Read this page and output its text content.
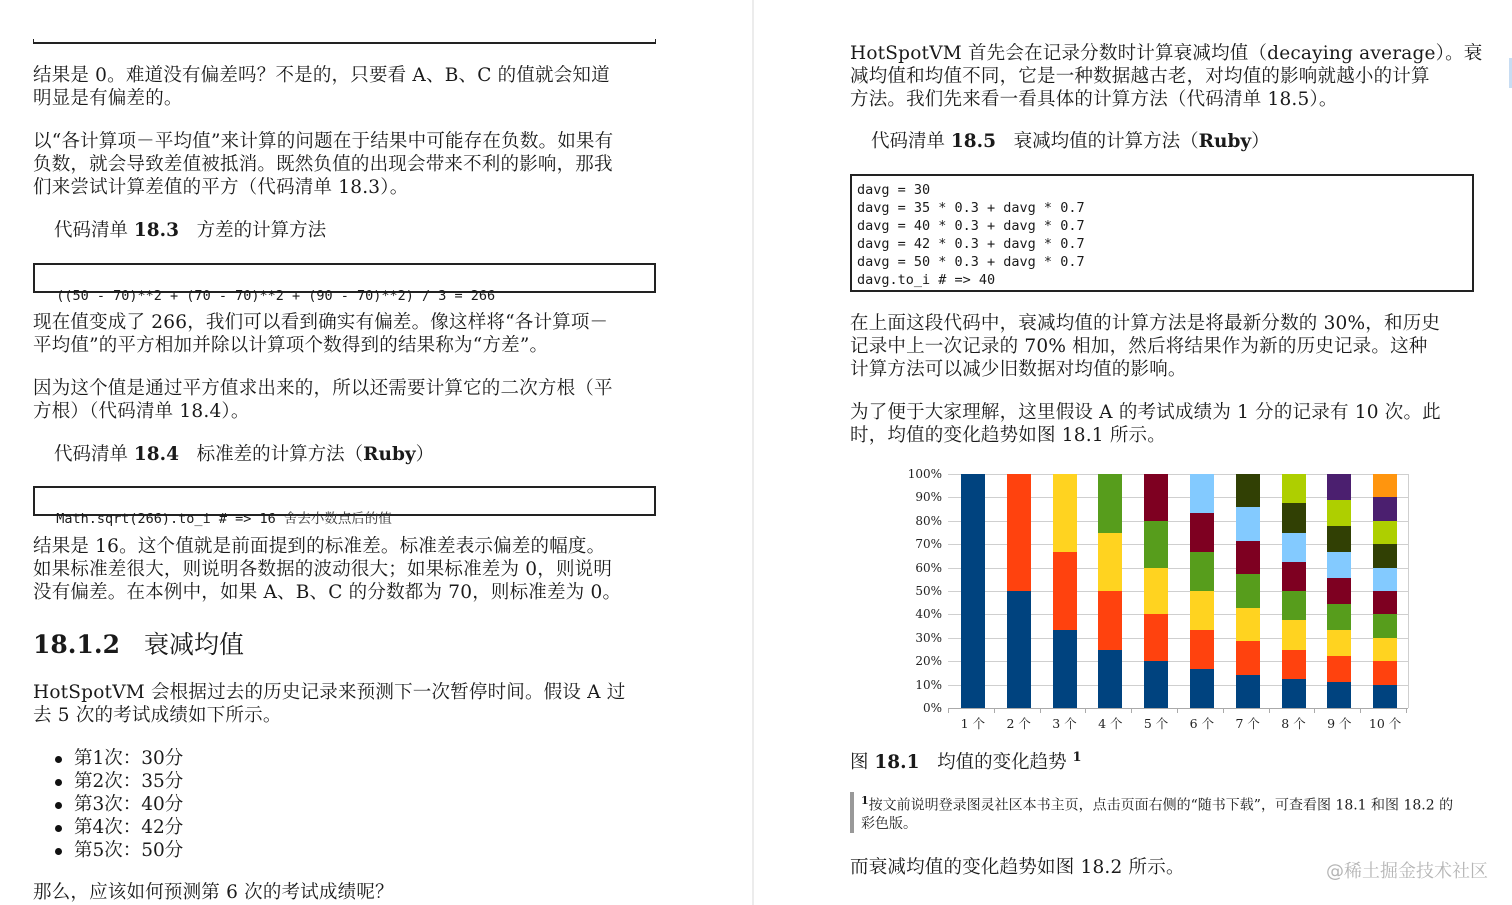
结果是 0。难道没有偏差吗？不是的，只要看 A、B、C 的值就会知道
明显是有偏差的。

以“各计算项－平均值”来计算的问题在于结果中可能存在负数。如果有
负数，就会导致差值被抵消。既然负值的出现会带来不利的影响，那我
们来尝试计算差值的平方（代码清单 18.3）。

代码清单 18.3 方差的计算方法

((50 - 70)**2 + (70 - 70)**2 + (90 - 70)**2) / 3 = 266

现在值变成了 266，我们可以看到确实有偏差。像这样将“各计算项－
平均值”的平方相加并除以计算项个数得到的结果称为“方差”。

因为这个值是通过平方值求出来的，所以还需要计算它的二次方根（平
方根）（代码清单 18.4）。

代码清单 18.4 标准差的计算方法（Ruby）

Math.sqrt(266).to_i # => 16 舍去小数点后的值

结果是 16。这个值就是前面提到的标准差。标准差表示偏差的幅度。
如果标准差很大，则说明各数据的波动很大；如果标准差为 0，则说明
没有偏差。在本例中，如果 A、B、C 的分数都为 70，则标准差为 0。

18.1.2 衰减均值

HotSpotVM 会根据过去的历史记录来预测下一次暂停时间。假设 A 过
去 5 次的考试成绩如下所示。

第1次：30分
第2次：35分
第3次：40分
第4次：42分
第5次：50分

那么，应该如何预测第 6 次的考试成绩呢？

HotSpotVM 首先会在记录分数时计算衰减均值（decaying average）。衰
减均值和均值不同，它是一种数据越古老，对均值的影响就越小的计算
方法。我们先来看一看具体的计算方法（代码清单 18.5）。

代码清单 18.5 衰减均值的计算方法（Ruby）
davg = 30
davg = 35 * 0.3 + davg * 0.7
davg = 40 * 0.3 + davg * 0.7
davg = 42 * 0.3 + davg * 0.7
davg = 50 * 0.3 + davg * 0.7
davg.to_i # => 40

在上面这段代码中，衰减均值的计算方法是将最新分数的 30%，和历史
记录中上一次记录的 70% 相加，然后将结果作为新的历史记录。这种
计算方法可以减少旧数据对均值的影响。

为了便于大家理解，这里假设 A 的考试成绩为 1 分的记录有 10 次。此
时，均值的变化趋势如图 18.1 所示。

0%
10%
20%
30%
40%
50%
60%
70%
80%
90%
100%
1 个	2 个	3 个	4 个	5 个	6 个	7 个	8 个	9 个	10 个
图 18.1 均值的变化趋势 $^1$
$^1$按文前说明登录图灵社区本书主页，点击页面右侧的“随书下载”，可查看图 18.1 和图 18.2 的
彩色版。

而衰减均值的变化趋势如图 18.2 所示。	@稀土掘金技术社区
